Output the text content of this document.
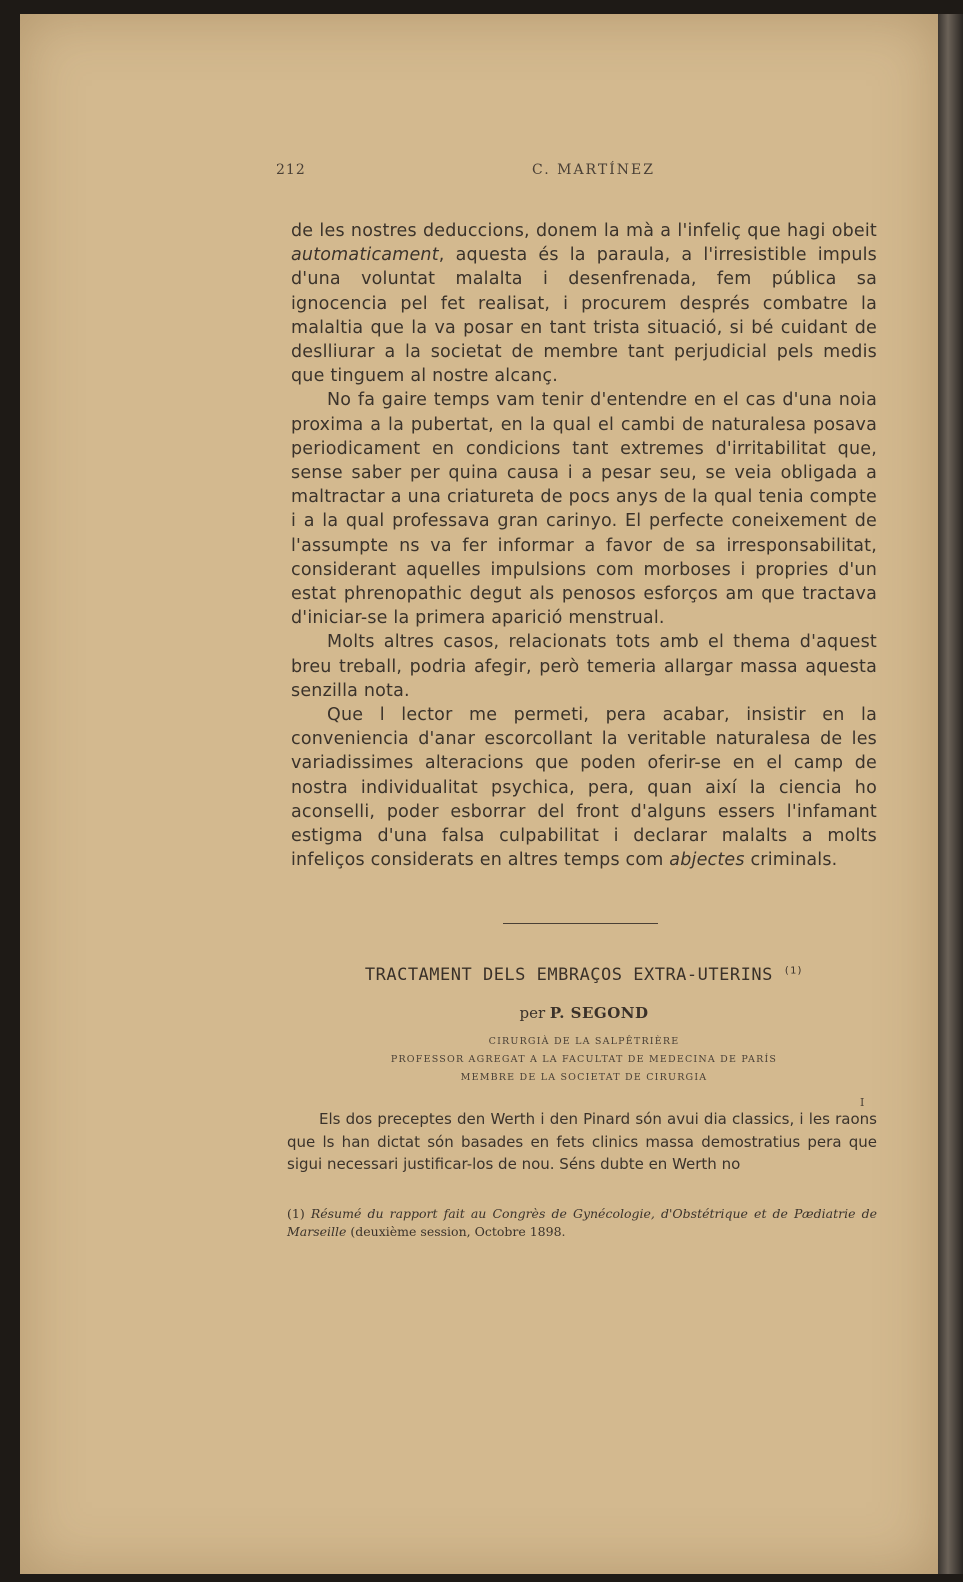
212	C. MARTÍNEZ

de les nostres deduccions, donem la mà a l'infeliç que hagi obeit automaticament, aquesta és la paraula, a l'irresistible impuls d'una voluntat malalta i desenfrenada, fem pública sa ignocencia pel fet realisat, i procurem després combatre la malaltia que la va posar en tant trista situació, si bé cuidant de deslliurar a la societat de membre tant perjudicial pels medis que tinguem al nostre alcanç.

No fa gaire temps vam tenir d'entendre en el cas d'una noia proxima a la pubertat, en la qual el cambi de naturalesa posava periodicament en condicions tant extremes d'irritabilitat que, sense saber per quina causa i a pesar seu, se veia obligada a maltractar a una criatureta de pocs anys de la qual tenia compte i a la qual professava gran carinyo. El perfecte coneixement de l'assumpte ns va fer informar a favor de sa irresponsabilitat, considerant aquelles impulsions com morboses i propries d'un estat phrenopathic degut als penosos esforços am que tractava d'iniciar-se la primera aparició menstrual.

Molts altres casos, relacionats tots amb el thema d'aquest breu treball, podria afegir, però temeria allargar massa aquesta senzilla nota.

Que l lector me permeti, pera acabar, insistir en la conveniencia d'anar escorcollant la veritable naturalesa de les variadissimes alteracions que poden oferir-se en el camp de nostra individualitat psychica, pera, quan així la ciencia ho aconselli, poder esborrar del front d'alguns essers l'infamant estigma d'una falsa culpabilitat i declarar malalts a molts infeliços considerats en altres temps com abjectes criminals.

TRACTAMENT DELS EMBRAÇOS EXTRA-UTERINS $^{(1)}$
per P. SEGOND
CIRURGIÀ DE LA SALPÊTRIÈRE
PROFESSOR AGREGAT A LA FACULTAT DE MEDECINA DE PARÍS
MEMBRE DE LA SOCIETAT DE CIRURGIA
I

Els dos preceptes den Werth i den Pinard són avui dia classics, i les raons que ls han dictat són basades en fets clinics massa demostratius pera que sigui necessari justificar-los de nou. Séns dubte en Werth no

(1) Résumé du rapport fait au Congrès de Gynécologie, d'Obstétrique et de Pædiatrie de Marseille (deuxième session, Octobre 1898.
